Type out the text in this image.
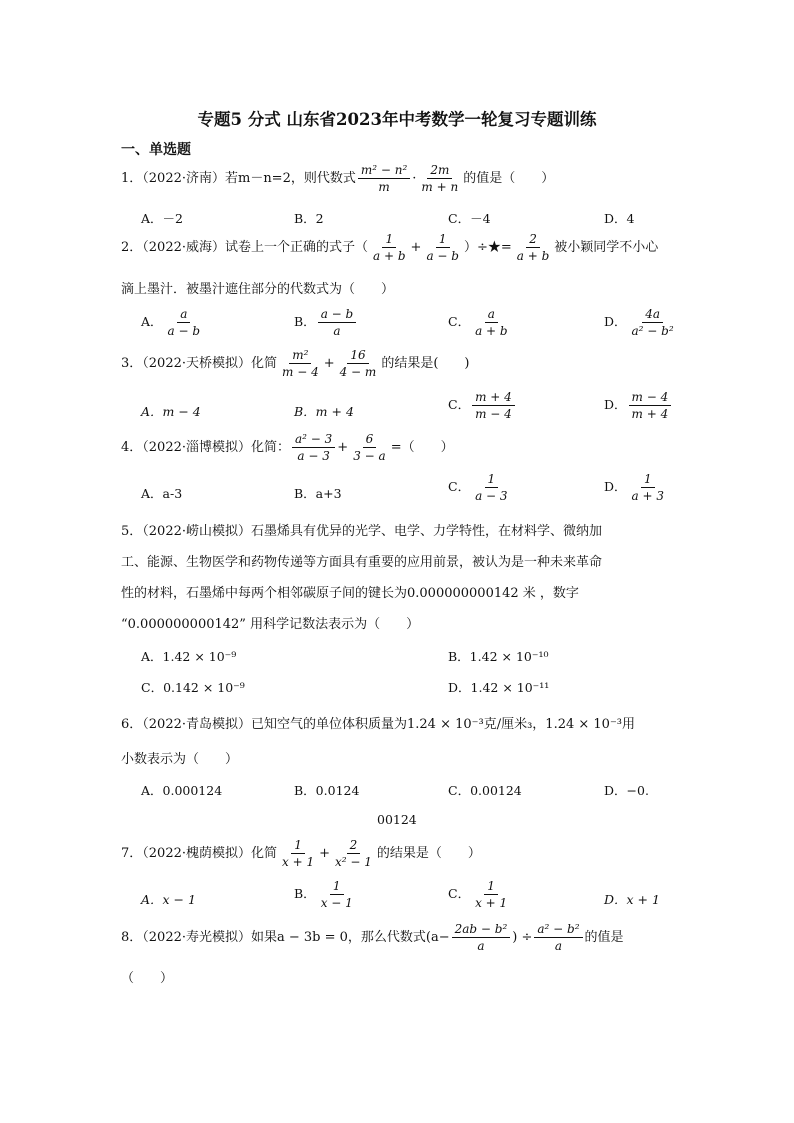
专题5 分式 山东省2023年中考数学一轮复习专题训练
一、单选题
1．（2022·济南）若m－n=2，则代数式 $\frac{\text{m² − n²}}{m} \cdot \frac{2m}{m + n}$ 的值是（　　）
A．－2	B．2	C．－4	D．4
2．（2022·威海）试卷上一个正确的式子（ $\frac{1}{a + b} + \frac{1}{a - b}$ ）÷★= $\frac{2}{a + b}$ 被小颖同学不小心
滴上墨汁．被墨汁遮住部分的代数式为（　　）
A． $\frac{a}{a - b}$	B． $\frac{a - b}{a}$	C． $\frac{a}{a + b}$	D． $\frac{4a}{\text{a² − b²}}$
3．（2022·天桥模拟）化简 $\frac{\text{m²}}{m - 4} + \frac{16}{4 - m}$ 的结果是(　　)
A．m − 4	B．m + 4	C． $\frac{m + 4}{m - 4}$	D． $\frac{m - 4}{m + 4}$
4．（2022·淄博模拟）化简： $\frac{\text{a² − 3}}{a - 3} + \frac{6}{3 - a}$ =（　　）
A．a-3	B．a+3	C． $\frac{1}{a - 3}$	D． $\frac{1}{a + 3}$
5．（2022·崂山模拟）石墨烯具有优异的光学、电学、力学特性，在材料学、微纳加
工、能源、生物医学和药物传递等方面具有重要的应用前景，被认为是一种未来革命
性的材料，石墨烯中每两个相邻碳原子间的键长为0.000000000142 米 ，数字
“0.000000000142” 用科学记数法表示为（　　）
A．1.42 × 10⁻⁹	B．1.42 × 10⁻¹⁰
C．0.142 × 10⁻⁹	D．1.42 × 10⁻¹¹
6．（2022·青岛模拟）已知空气的单位体积质量为1.24 × 10⁻³克/厘米₃，1.24 × 10⁻³用
小数表示为（　　）
A．0.000124	B．0.0124	C．0.00124	D．−0.
00124
7．（2022·槐荫模拟）化简 $\frac{1}{x + 1} + \frac{2}{\text{x² − 1}}$ 的结果是（　　）
A．x − 1	B． $\frac{1}{x - 1}$	C． $\frac{1}{x + 1}$	D．x + 1
8．（2022·寿光模拟）如果a − 3b = 0，那么代数式($a- \frac{\text{2ab − b²}}{a}$ ) ÷ $\frac{\text{a² − b²}}{a}$ 的值是
（　　）
